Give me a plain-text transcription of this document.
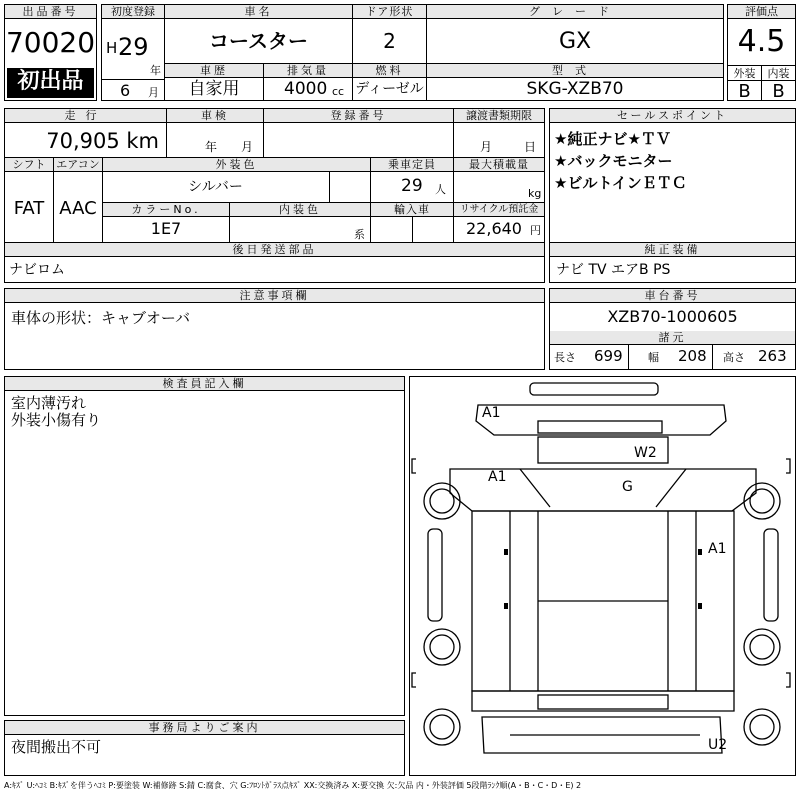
出品番号
70020
初出品
初度登録
H 29
年
6 月
車名
コースター
ドア形状
2
グレード
GX
評価点
4.5
外装	内装
B	B
車歴
自家用
排気量
4000 cc
燃料
ディーゼル
型式
SKG-XZB70
走行
70,905 km
車検
年 月
登録番号	譲渡書類期限
月	日
セールスポイント
★純正ナビ★ＴＶ
★バックモニター
★ビルトインＥＴＣ
シフト
FAT
エアコン
AAC
外装色
シルバー
乗車定員
29 人
最大積載量
kg
カラーNo.
1E7
内装色
系
輸入車	リサイクル預託金
22,640 円
後日発送部品
ナビロム
純正装備
ナビ TV エアB PS
注意事項欄
車体の形状：キャブオーバ
車台番号
XZB70-1000605
諸元
長さ 699 幅 208 高さ 263
検査員記入欄
室内薄汚れ
外装小傷有り
事務局よりご案内
夜間搬出不可
A1
A1
A1
W2
G
U2
A:ｷｽﾞ U:ﾍｺﾐ B:ｷｽﾞを伴うﾍｺﾐ P:要塗装 W:補修跡 S:錆 C:腐食、穴 G:ﾌﾛﾝﾄｶﾞﾗｽ点ｷｽﾞ XX:交換済み X:要交換 欠:欠品 内・外装評価 5段階ﾗﾝｸ順(A・B・C・D・E) 2
